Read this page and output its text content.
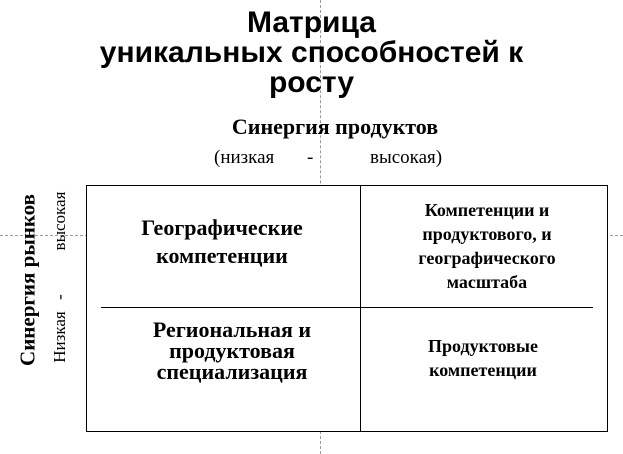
Матрица
уникальных способностей к
росту
Синергия продуктов
(низкая -	высокая)
Синергия рынков Низкая
-
высокая	Географические
компетенции
Компетенции и
продуктового, и
географического
масштаба
Региональная и
продуктовая
специализация
Продуктовые
компетенции
